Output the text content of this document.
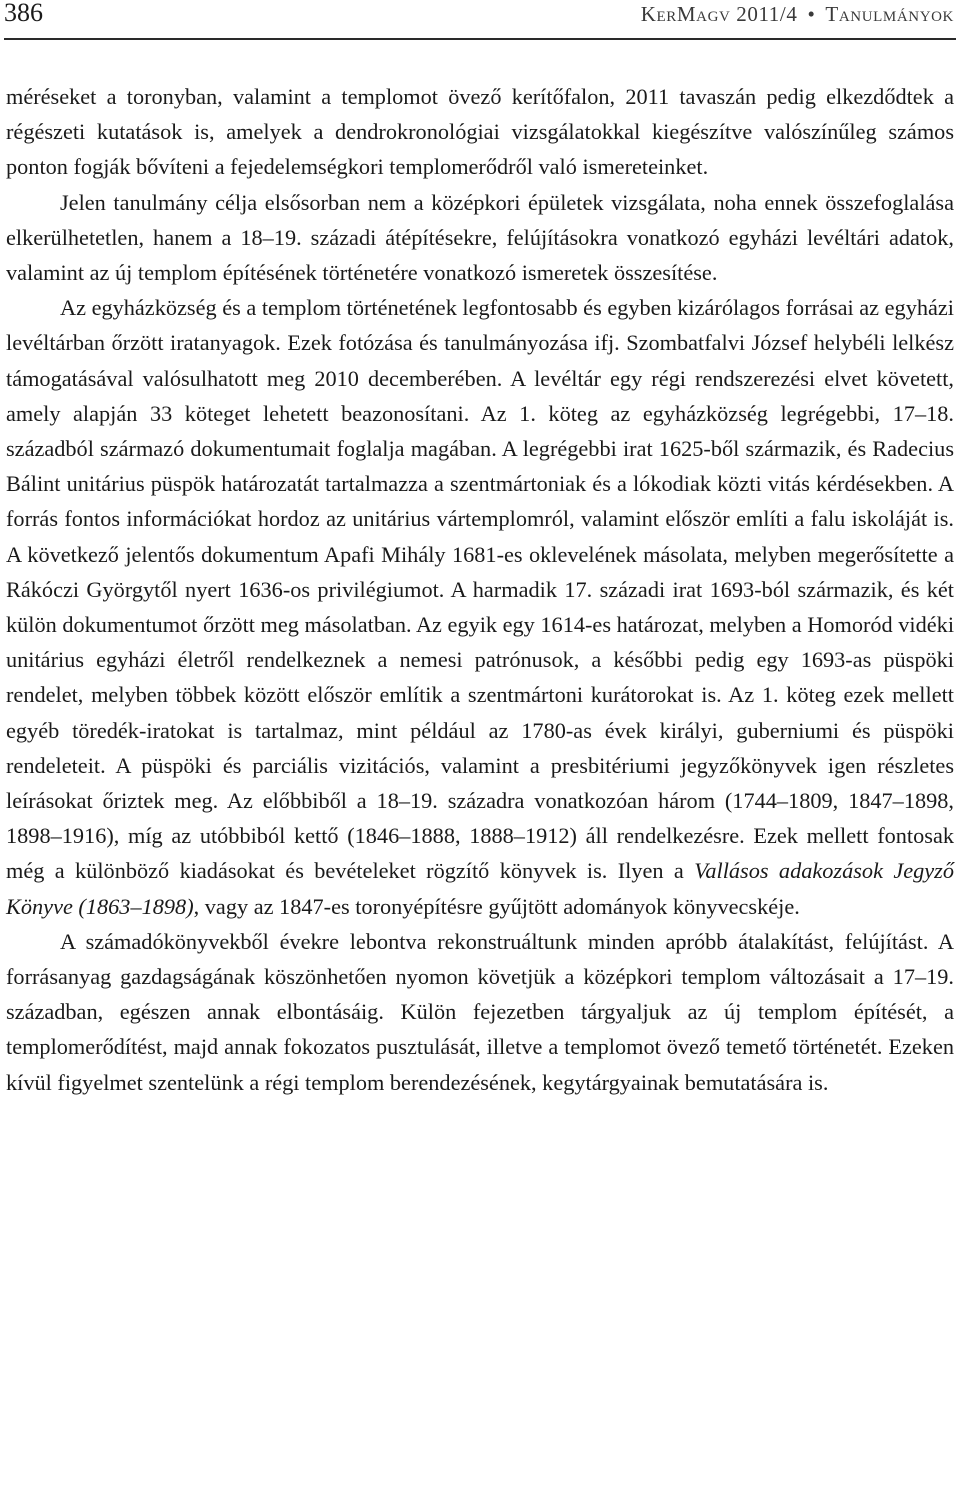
386	KerMagv 2011/4 • Tanulmányok

méréseket a toronyban, valamint a templomot övező kerítőfalon, 2011 tavaszán pedig elkezdődtek a régészeti kutatások is, amelyek a dendrokronológiai vizsgálatokkal kiegészítve valószínűleg számos ponton fogják bővíteni a fejedelemségkori templomerődről való ismereteinket.

Jelen tanulmány célja elsősorban nem a középkori épületek vizsgálata, noha ennek összefoglalása elkerülhetetlen, hanem a 18–19. századi átépítésekre, felújításokra vonatkozó egyházi levéltári adatok, valamint az új templom építésének történetére vonatkozó ismeretek összesítése.

Az egyházközség és a templom történetének legfontosabb és egyben kizárólagos forrásai az egyházi levéltárban őrzött iratanyagok. Ezek fotózása és tanulmányozása ifj. Szombatfalvi József helybéli lelkész támogatásával valósulhatott meg 2010 decemberében. A levéltár egy régi rendszerezési elvet követett, amely alapján 33 köteget lehetett beazonosítani. Az 1. köteg az egyházközség legrégebbi, 17–18. századból származó dokumentumait foglalja magában. A legrégebbi irat 1625-ből származik, és Radecius Bálint unitárius püspök határozatát tartalmazza a szentmártoniak és a lókodiak közti vitás kérdésekben. A forrás fontos információkat hordoz az unitárius vártemplomról, valamint először említi a falu iskoláját is. A következő jelentős dokumentum Apafi Mihály 1681-es oklevelének másolata, melyben megerősítette a Rákóczi Györgytől nyert 1636-os privilégiumot. A harmadik 17. századi irat 1693-ból származik, és két külön dokumentumot őrzött meg másolatban. Az egyik egy 1614-es határozat, melyben a Homoród vidéki unitárius egyházi életről rendelkeznek a nemesi patrónusok, a későbbi pedig egy 1693-as püspöki rendelet, melyben többek között először említik a szentmártoni kurátorokat is. Az 1. köteg ezek mellett egyéb töredék-iratokat is tartalmaz, mint például az 1780-as évek királyi, guberniumi és püspöki rendeleteit. A püspöki és parciális vizitációs, valamint a presbitériumi jegyzőkönyvek igen részletes leírásokat őriztek meg. Az előbbiből a 18–19. századra vonatkozóan három (1744–1809, 1847–1898, 1898–1916), míg az utóbbiból kettő (1846–1888, 1888–1912) áll rendelkezésre. Ezek mellett fontosak még a különböző kiadásokat és bevételeket rögzítő könyvek is. Ilyen a Vallásos adakozások Jegyző Könyve (1863–1898), vagy az 1847-es toronyépítésre gyűjtött adományok könyvecskéje.

A számadókönyvekből évekre lebontva rekonstruáltunk minden apróbb átalakítást, felújítást. A forrásanyag gazdagságának köszönhetően nyomon követjük a középkori templom változásait a 17–19. században, egészen annak elbontásáig. Külön fejezetben tárgyaljuk az új templom építését, a templomerődítést, majd annak fokozatos pusztulását, illetve a templomot övező temető történetét. Ezeken kívül figyelmet szentelünk a régi templom berendezésének, kegytárgyainak bemutatására is.
